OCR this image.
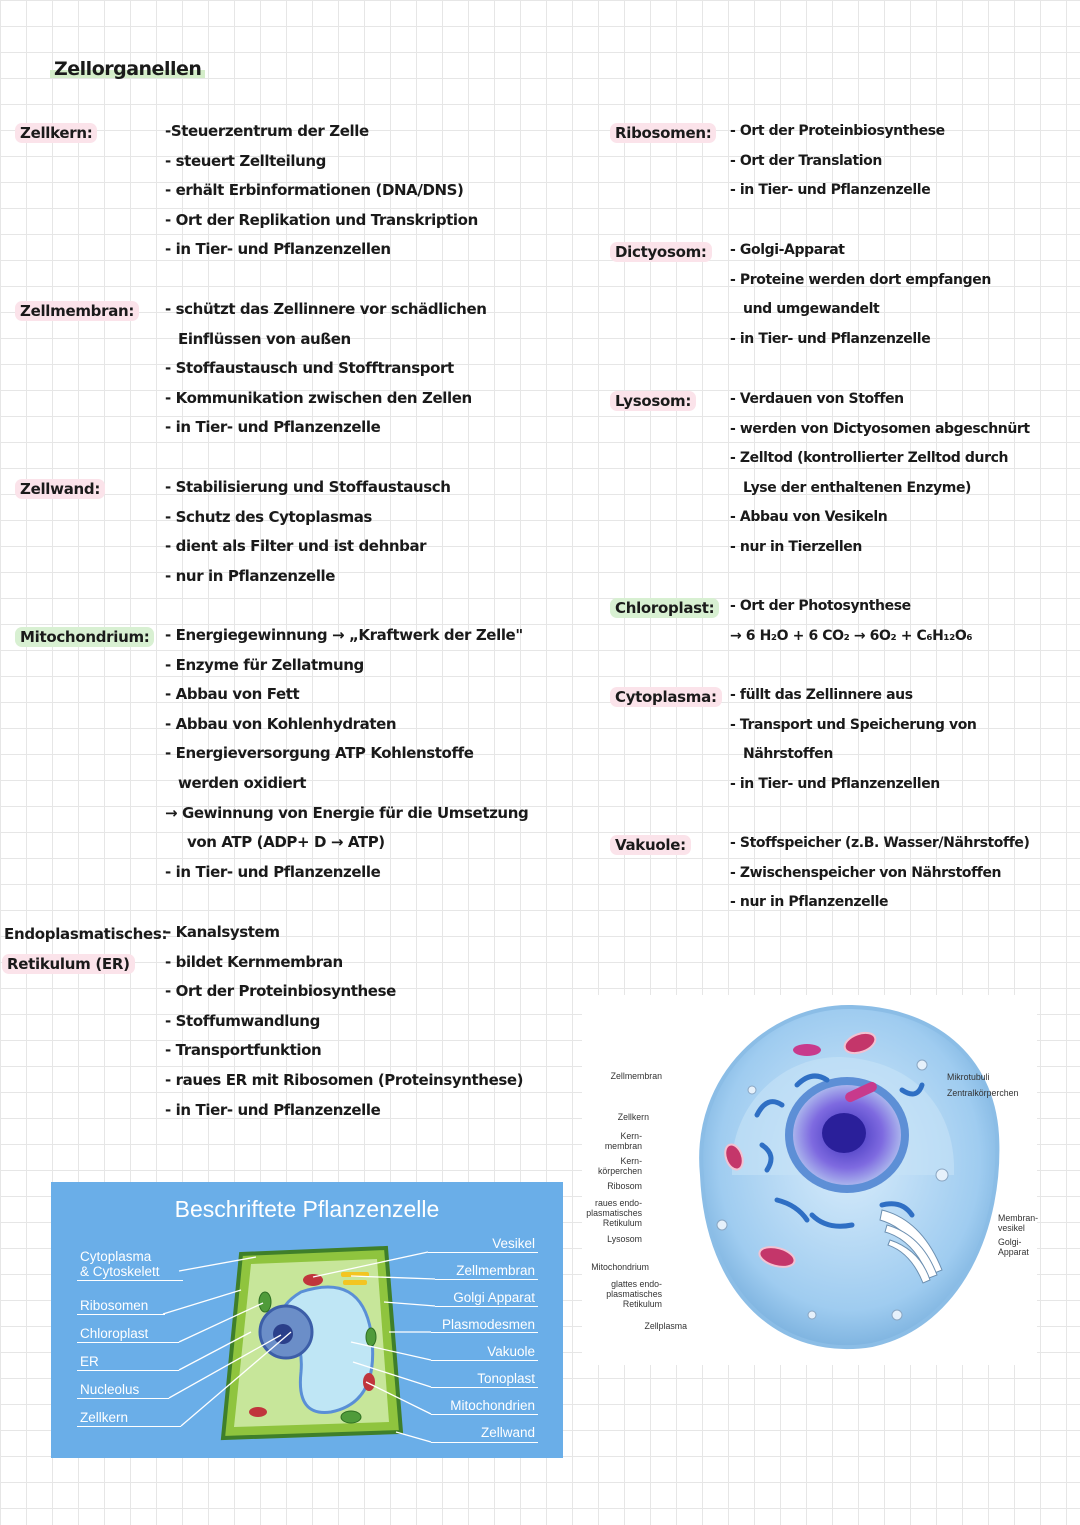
Zellorganellen
Zellkern:	-Steuerzentrum der Zelle
- steuert Zellteilung
- erhält Erbinformationen (DNA/DNS)
- Ort der Replikation und Transkription
- in Tier- und Pflanzenzellen
Zellmembran:	- schützt das Zellinnere vor schädlichen
Einflüssen von außen
- Stoffaustausch und Stofftransport
- Kommunikation zwischen den Zellen
- in Tier- und Pflanzenzelle
Zellwand:	- Stabilisierung und Stoffaustausch
- Schutz des Cytoplasmas
- dient als Filter und ist dehnbar
- nur in Pflanzenzelle
Mitochondrium:	- Energiegewinnung → „Kraftwerk der Zelle"
- Enzyme für Zellatmung
- Abbau von Fett
- Abbau von Kohlenhydraten
- Energieversorgung ATP Kohlenstoffe
werden oxidiert
→ Gewinnung von Energie für die Umsetzung
von ATP (ADP+ D → ATP)
- in Tier- und Pflanzenzelle
Endoplasmatisches:
Retikulum (ER)
- Kanalsystem
- bildet Kernmembran
- Ort der Proteinbiosynthese
- Stoffumwandlung
- Transportfunktion
- raues ER mit Ribosomen (Proteinsynthese)
- in Tier- und Pflanzenzelle
Ribosomen:	- Ort der Proteinbiosynthese
- Ort der Translation
- in Tier- und Pflanzenzelle
Dictyosom:	- Golgi-Apparat
- Proteine werden dort empfangen
und umgewandelt
- in Tier- und Pflanzenzelle
Lysosom:	- Verdauen von Stoffen
- werden von Dictyosomen abgeschnürt
- Zelltod (kontrollierter Zelltod durch
Lyse der enthaltenen Enzyme)
- Abbau von Vesikeln
- nur in Tierzellen
Chloroplast:	- Ort der Photosynthese
→ 6 H₂O + 6 CO₂ → 6O₂ + C₆H₁₂O₆
Cytoplasma: - füllt das Zellinnere aus
- Transport und Speicherung von
Nährstoffen
- in Tier- und Pflanzenzellen
Vakuole:	- Stoffspeicher (z.B. Wasser/Nährstoffe)
- Zwischenspeicher von Nährstoffen
- nur in Pflanzenzelle
Zellmembran
Zellkern
Kern-
membran
Kern-
körperchen
Ribosom
raues endo-
plasmatisches
Retikulum
Lysosom
Mitochondrium
glattes endo-
plasmatisches
Retikulum
Zellplasma
Mikrotubuli
Zentralkörperchen
Membran-
vesikel
Golgi-
Apparat
Beschriftete Pflanzenzelle
Cytoplasma
& Cytoskelett
Ribosomen
Chloroplast
ER
Nucleolus
Zellkern
Vesikel
Zellmembran
Golgi Apparat
Plasmodesmen
Vakuole
Tonoplast
Mitochondrien
Zellwand
